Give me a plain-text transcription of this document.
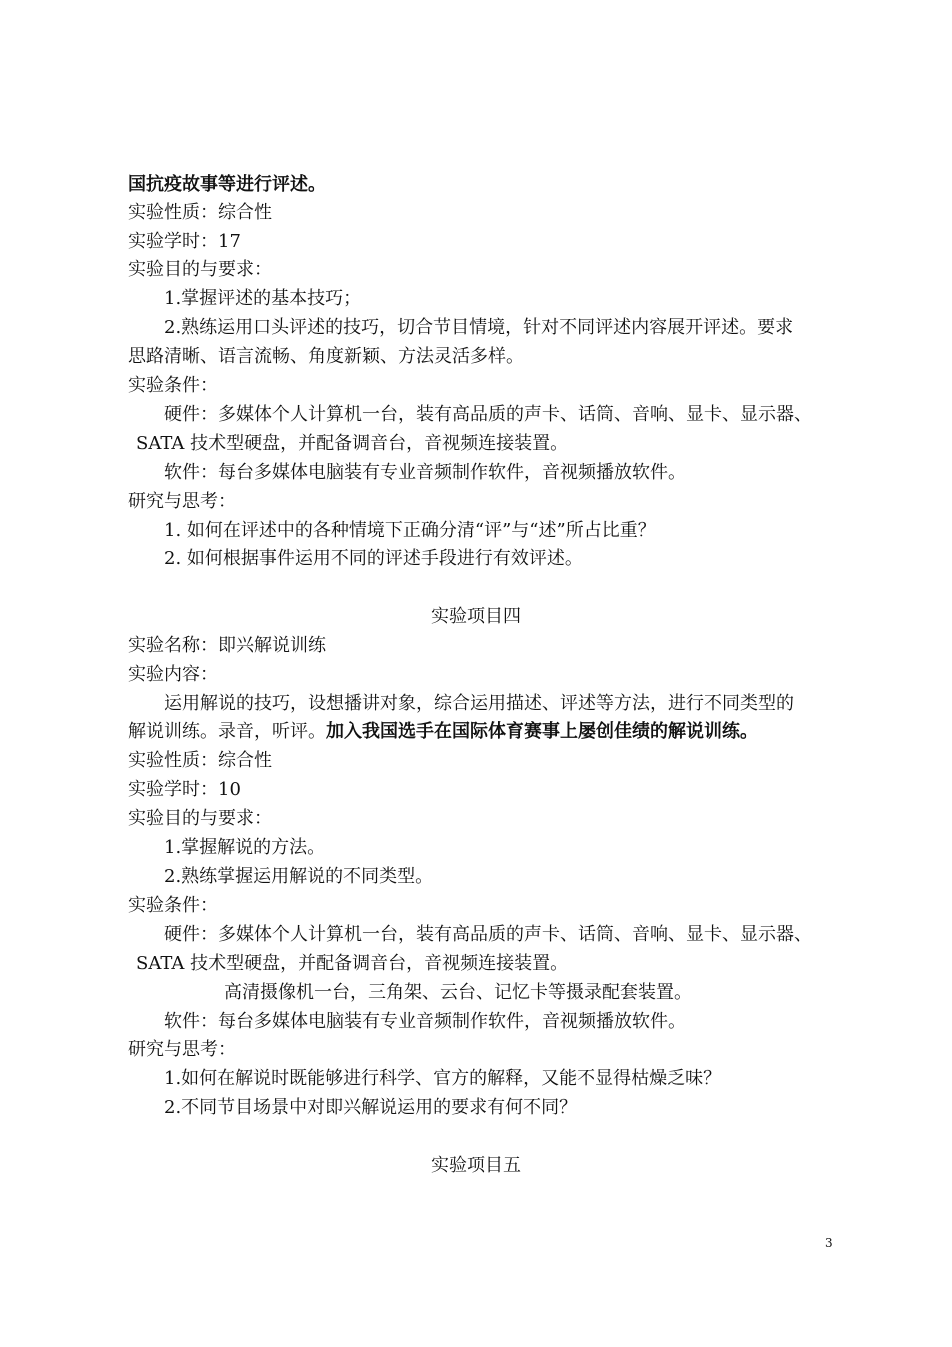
国抗疫故事等进行评述。
实验性质：综合性
实验学时：17
实验目的与要求：
1.掌握评述的基本技巧；
2.熟练运用口头评述的技巧，切合节目情境，针对不同评述内容展开评述。要求
思路清晰、语言流畅、角度新颖、方法灵活多样。
实验条件：
硬件：多媒体个人计算机一台，装有高品质的声卡、话筒、音响、显卡、显示器、
SATA 技术型硬盘，并配备调音台，音视频连接装置。
软件：每台多媒体电脑装有专业音频制作软件，音视频播放软件。
研究与思考：
1. 如何在评述中的各种情境下正确分清“评”与“述”所占比重？
2. 如何根据事件运用不同的评述手段进行有效评述。
实验项目四
实验名称：即兴解说训练
实验内容：
运用解说的技巧，设想播讲对象，综合运用描述、评述等方法，进行不同类型的
解说训练。录音，听评。加入我国选手在国际体育赛事上屡创佳绩的解说训练。
实验性质：综合性
实验学时：10
实验目的与要求：
1.掌握解说的方法。
2.熟练掌握运用解说的不同类型。
实验条件：
硬件：多媒体个人计算机一台，装有高品质的声卡、话筒、音响、显卡、显示器、
SATA 技术型硬盘，并配备调音台，音视频连接装置。
高清摄像机一台，三角架、云台、记忆卡等摄录配套装置。
软件：每台多媒体电脑装有专业音频制作软件，音视频播放软件。
研究与思考：
1.如何在解说时既能够进行科学、官方的解释，又能不显得枯燥乏味？
2.不同节目场景中对即兴解说运用的要求有何不同？
实验项目五
3
